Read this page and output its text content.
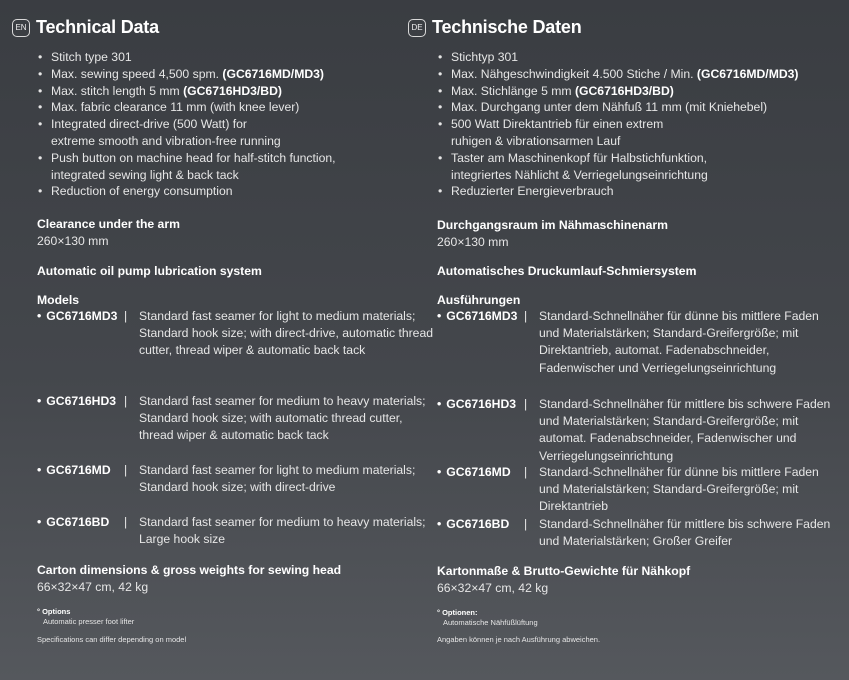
EN Technical Data
• Stitch type 301
• Max. sewing speed 4,500 spm. (GC6716MD/MD3)
• Max. stitch length 5 mm (GC6716HD3/BD)
• Max. fabric clearance 11 mm (with knee lever)
• Integrated direct-drive (500 Watt) for
extreme smooth and vibration-free running
• Push button on machine head for half-stitch function,
integrated sewing light & back tack
• Reduction of energy consumption
Clearance under the arm
260×130 mm
Automatic oil pump lubrication system
Models
• GC6716MD3 | Standard fast seamer for light to medium materials; Standard hook size; with direct-drive, automatic thread cutter, thread wiper & automatic back tack
• GC6716HD3 | Standard fast seamer for medium to heavy materials; Standard hook size; with automatic thread cutter, thread wiper & automatic back tack
• GC6716MD | Standard fast seamer for light to medium materials; Standard hook size; with direct-drive
• GC6716BD | Standard fast seamer for medium to heavy materials; Large hook size
Carton dimensions & gross weights for sewing head
66×32×47 cm, 42 kg
° Options
Automatic presser foot lifter
Specifications can differ depending on model
DE Technische Daten
• Stichtyp 301
• Max. Nähgeschwindigkeit 4.500 Stiche / Min. (GC6716MD/MD3)
• Max. Stichlänge 5 mm (GC6716HD3/BD)
• Max. Durchgang unter dem Nähfuß 11 mm (mit Kniehebel)
• 500 Watt Direktantrieb für einen extrem
ruhigen & vibrationsarmen Lauf
• Taster am Maschinenkopf für Halbstichfunktion,
integriertes Nählicht & Verriegelungseinrichtung
• Reduzierter Energieverbrauch
Durchgangsraum im Nähmaschinenarm
260×130 mm
Automatisches Druckumlauf-Schmiersystem
Ausführungen
• GC6716MD3 | Standard-Schnellnäher für dünne bis mittlere Faden und Materialstärken; Standard-Greifergröße; mit Direktantrieb, automat. Fadenabschneider, Fadenwischer und Verriegelungseinrichtung
• GC6716HD3 | Standard-Schnellnäher für mittlere bis schwere Faden und Materialstärken; Standard-Greifergröße; mit automat. Fadenabschneider, Fadenwischer und Verriegelungseinrichtung
• GC6716MD | Standard-Schnellnäher für dünne bis mittlere Faden und Materialstärken; Standard-Greifergröße; mit Direktantrieb
• GC6716BD | Standard-Schnellnäher für mittlere bis schwere Faden und Materialstärken; Großer Greifer
Kartonmaße & Brutto-Gewichte für Nähkopf
66×32×47 cm, 42 kg
° Optionen:
Automatische Nähfüßlüftung
Angaben können je nach Ausführung abweichen.
